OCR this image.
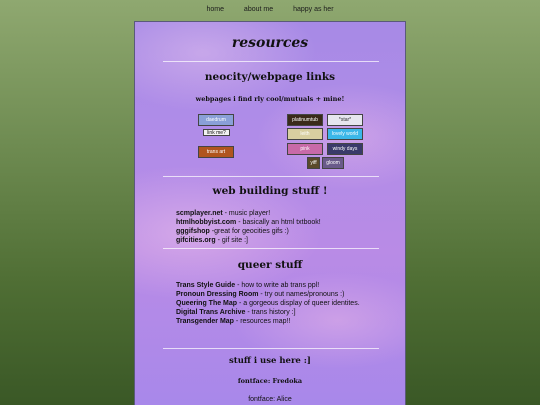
home	about me	happy as her
resources
neocity/webpage links
webpages i find rly cool/mutuals + mine!
daedrum
link me?
trans art
platinumtub	*star*
leith	lovely world
pink	windy days
yiff	gloom
web building stuff !
scmplayer.net - music player!
htmlhobbyist.com - basically an html txtbook!
gggifshop -great for geocities gifs :)
gifcities.org - gif site :]
queer stuff
Trans Style Guide - how to write ab trans ppl!
Pronoun Dressing Room - try out names/pronouns :)
Queering The Map - a gorgeous display of queer identites.
Digital Trans Archive - trans history :]
Transgender Map - resources map!!
stuff i use here :]
fontface: Fredoka
fontface: Alice
